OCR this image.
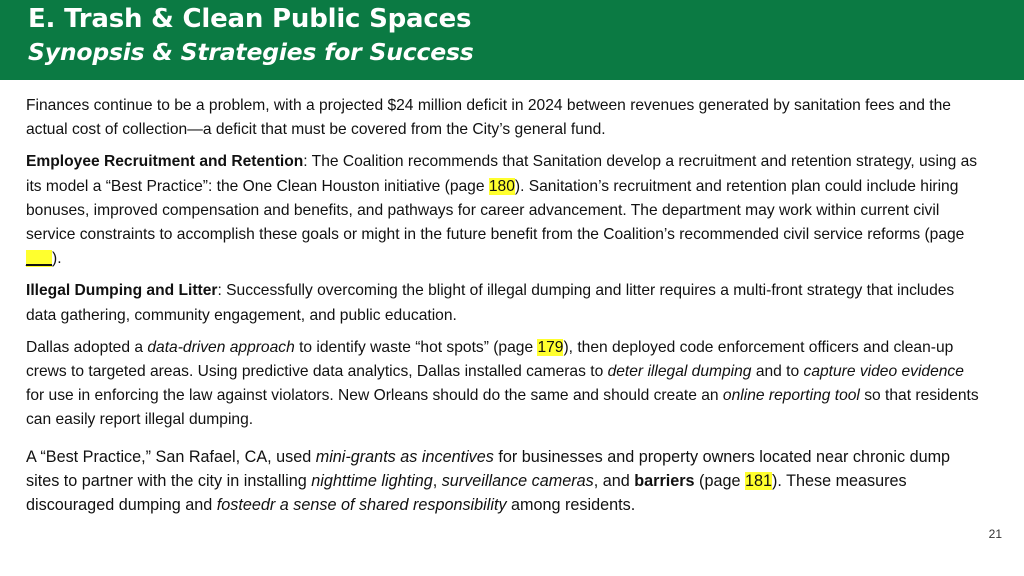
E. Trash & Clean Public Spaces
Synopsis & Strategies for Success

Finances continue to be a problem, with a projected $24 million deficit in 2024 between revenues generated by sanitation fees and the actual cost of collection—a deficit that must be covered from the City’s general fund.

Employee Recruitment and Retention: The Coalition recommends that Sanitation develop a recruitment and retention strategy, using as its model a “Best Practice”: the One Clean Houston initiative (page 180). Sanitation’s recruitment and retention plan could include hiring bonuses, improved compensation and benefits, and pathways for career advancement. The department may work within current civil service constraints to accomplish these goals or might in the future benefit from the Coalition’s recommended civil service reforms (page ___).

Illegal Dumping and Litter: Successfully overcoming the blight of illegal dumping and litter requires a multi-front strategy that includes data gathering, community engagement, and public education.

Dallas adopted a data-driven approach to identify waste “hot spots” (page 179), then deployed code enforcement officers and clean-up crews to targeted areas. Using predictive data analytics, Dallas installed cameras to deter illegal dumping and to capture video evidence for use in enforcing the law against violators. New Orleans should do the same and should create an online reporting tool so that residents can easily report illegal dumping.

A “Best Practice,” San Rafael, CA, used mini-grants as incentives for businesses and property owners located near chronic dump sites to partner with the city in installing nighttime lighting, surveillance cameras, and barriers (page 181). These measures discouraged dumping and fosteedr a sense of shared responsibility among residents.

21
